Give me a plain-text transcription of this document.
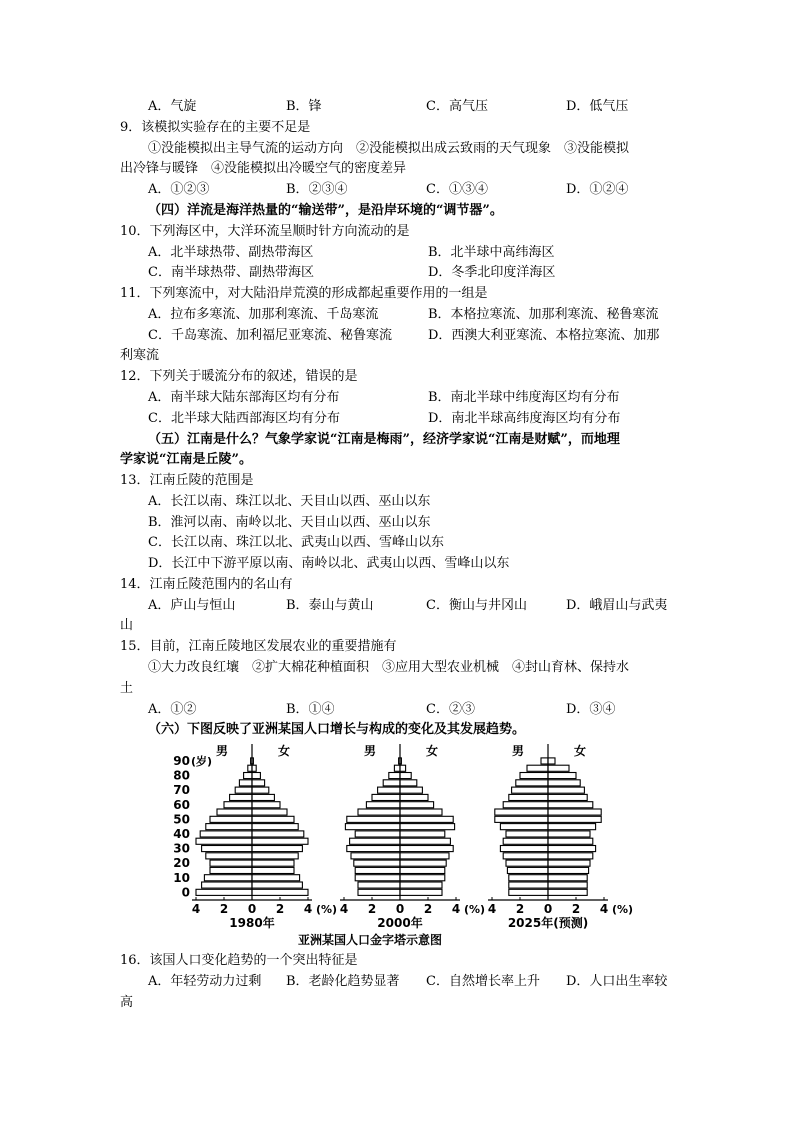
A．气旋	B．锋	C．高气压	D．低气压
9．该模拟实验存在的主要不足是
①没能模拟出主导气流的运动方向　②没能模拟出成云致雨的天气现象　③没能模拟
出冷锋与暖锋　④没能模拟出冷暖空气的密度差异
A．①②③	B．②③④	C．①③④	D．①②④
（四）洋流是海洋热量的“输送带”，是沿岸环境的“调节器”。
10．下列海区中，大洋环流呈顺时针方向流动的是
A．北半球热带、副热带海区	B．北半球中高纬海区
C．南半球热带、副热带海区	D．冬季北印度洋海区
11．下列寒流中，对大陆沿岸荒漠的形成都起重要作用的一组是
A．拉布多寒流、加那利寒流、千岛寒流	B．本格拉寒流、加那利寒流、秘鲁寒流
C．千岛寒流、加利福尼亚寒流、秘鲁寒流	D．西澳大利亚寒流、本格拉寒流、加那
利寒流
12．下列关于暖流分布的叙述，错误的是
A．南半球大陆东部海区均有分布	B．南北半球中纬度海区均有分布
C．北半球大陆西部海区均有分布	D．南北半球高纬度海区均有分布
（五）江南是什么？气象学家说“江南是梅雨”，经济学家说“江南是财赋”，而地理
学家说“江南是丘陵”。
13．江南丘陵的范围是
A．长江以南、珠江以北、天目山以西、巫山以东
B．淮河以南、南岭以北、天目山以西、巫山以东
C．长江以南、珠江以北、武夷山以西、雪峰山以东
D．长江中下游平原以南、南岭以北、武夷山以西、雪峰山以东
14．江南丘陵范围内的名山有
A．庐山与恒山	B．泰山与黄山	C．衡山与井冈山	D．峨眉山与武夷
山
15．目前，江南丘陵地区发展农业的重要措施有
①大力改良红壤　②扩大棉花种植面积　③应用大型农业机械　④封山育林、保持水
土
A．①②	B．①④	C．②③	D．③④
（六）下图反映了亚洲某国人口增长与构成的变化及其发展趋势。
4 2 0 2 4 (%)
男	女
0
10
20
30
40
50
60
70
80
90 (岁)
1980年
4 2 0 2 4 (%)
男	女
2000年
4 2 0 2 4 (%)
男	女
2025年(预测)
亚洲某国人口金字塔示意图
16．该国人口变化趋势的一个突出特征是
A．年轻劳动力过剩 B．老龄化趋势显著 C．自然增长率上升 D．人口出生率较
高
